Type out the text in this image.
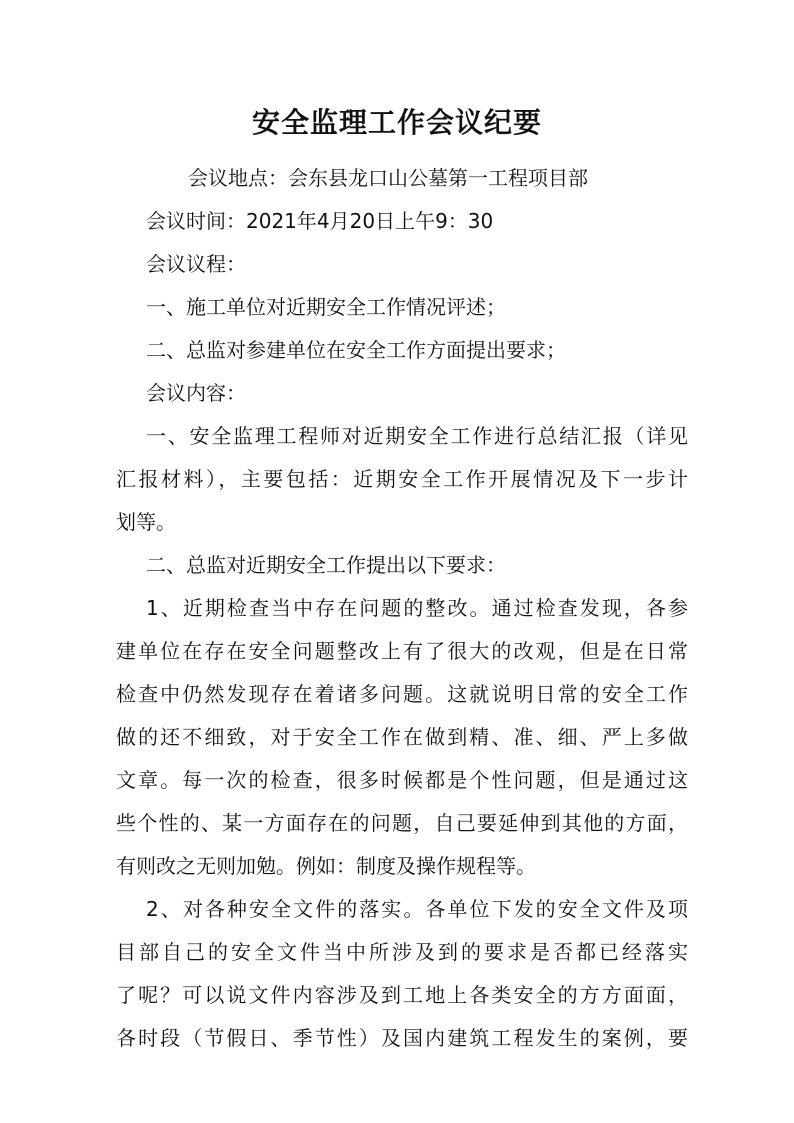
安全监理工作会议纪要
会议地点：会东县龙口山公墓第一工程项目部
会议时间：2021年4月20日上午9：30
会议议程：
一、施工单位对近期安全工作情况评述；
二、总监对参建单位在安全工作方面提出要求；
会议内容：
一、安全监理工程师对近期安全工作进行总结汇报（详见
汇报材料），主要包括：近期安全工作开展情况及下一步计
划等。
二、总监对近期安全工作提出以下要求：
1、近期检查当中存在问题的整改。通过检查发现，各参
建单位在存在安全问题整改上有了很大的改观，但是在日常
检查中仍然发现存在着诸多问题。这就说明日常的安全工作
做的还不细致，对于安全工作在做到精、准、细、严上多做
文章。每一次的检查，很多时候都是个性问题，但是通过这
些个性的、某一方面存在的问题，自己要延伸到其他的方面，
有则改之无则加勉。例如：制度及操作规程等。
2、对各种安全文件的落实。各单位下发的安全文件及项
目部自己的安全文件当中所涉及到的要求是否都已经落实
了呢？可以说文件内容涉及到工地上各类安全的方方面面，
各时段（节假日、季节性）及国内建筑工程发生的案例，要
